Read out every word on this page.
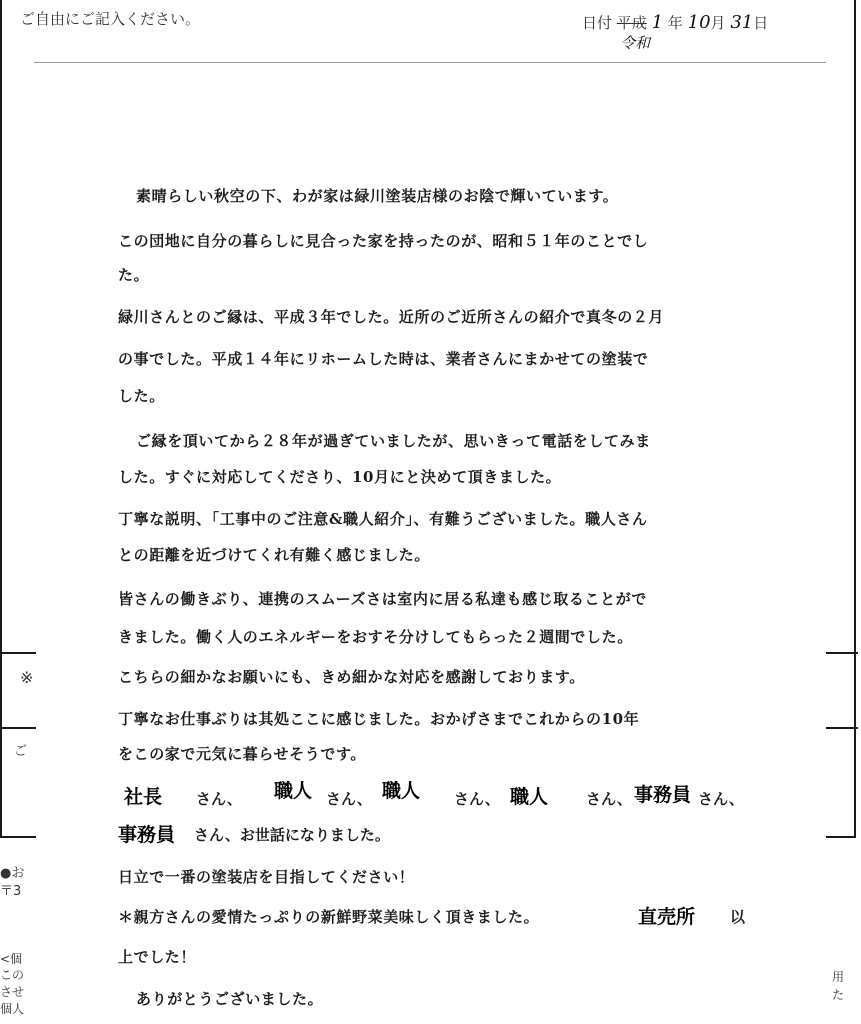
ご自由にご記入ください。	日付 平成 1 年 10月 31日
令和
※
ご
●お
〒3
<個
この
させ
個人
用
た
素晴らしい秋空の下、わが家は緑川塗装店様のお陰で輝いています。
この団地に自分の暮らしに見合った家を持ったのが、昭和５１年のことでし
た。
緑川さんとのご縁は、平成３年でした。近所のご近所さんの紹介で真冬の２月
の事でした。平成１４年にリホームした時は、業者さんにまかせての塗装で
した。
ご縁を頂いてから２８年が過ぎていましたが、思いきって電話をしてみま
した。すぐに対応してくださり、10月にと決めて頂きました。
丁寧な説明、「工事中のご注意&職人紹介」、有難うございました。職人さん
との距離を近づけてくれ有難く感じました。
皆さんの働きぶり、連携のスムーズさは室内に居る私達も感じ取ることがで
きました。働く人のエネルギーをおすそ分けしてもらった２週間でした。
こちらの細かなお願いにも、きめ細かな対応を感謝しております。
丁寧なお仕事ぶりは其処ここに感じました。おかげさまでこれからの10年
をこの家で元気に暮らせそうです。
社長 さん、 職人 さん、 職人 さん、 職人	さん、 事務員 さん、
事務員 さん、お世話になりました。
日立で一番の塗装店を目指してください！
＊親方さんの愛情たっぷりの新鮮野菜美味しく頂きました。	直売所 以
上でした！
ありがとうございました。
